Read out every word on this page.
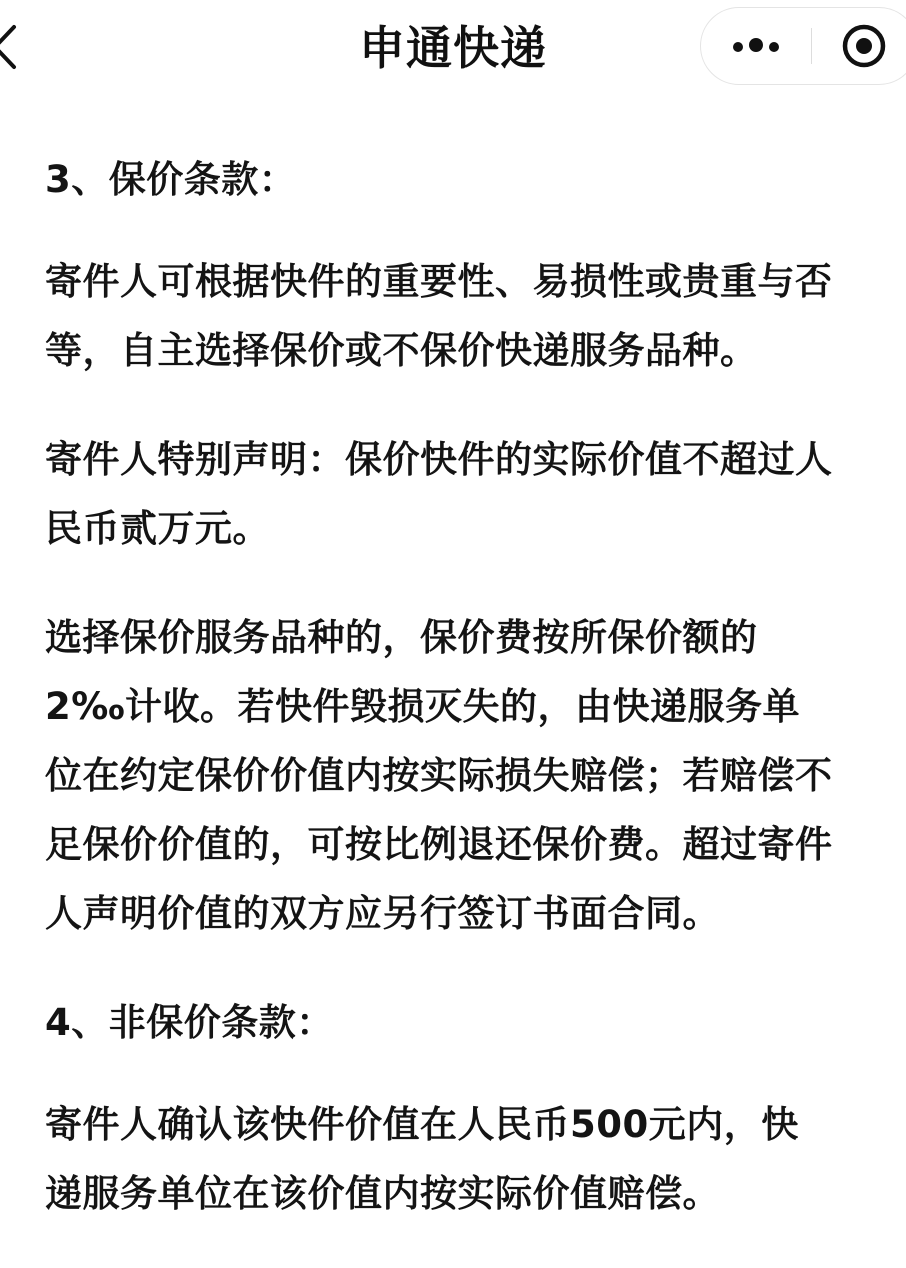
申通快递

3、保价条款：

寄件人可根据快件的重要性、易损性或贵重与否等，自主选择保价或不保价快递服务品种。

寄件人特别声明：保价快件的实际价值不超过人民币贰万元。

选择保价服务品种的，保价费按所保价额的2‰计收。若快件毁损灭失的，由快递服务单位在约定保价价值内按实际损失赔偿；若赔偿不足保价价值的，可按比例退还保价费。超过寄件人声明价值的双方应另行签订书面合同。

4、非保价条款：

寄件人确认该快件价值在人民币500元内，快递服务单位在该价值内按实际价值赔偿。
